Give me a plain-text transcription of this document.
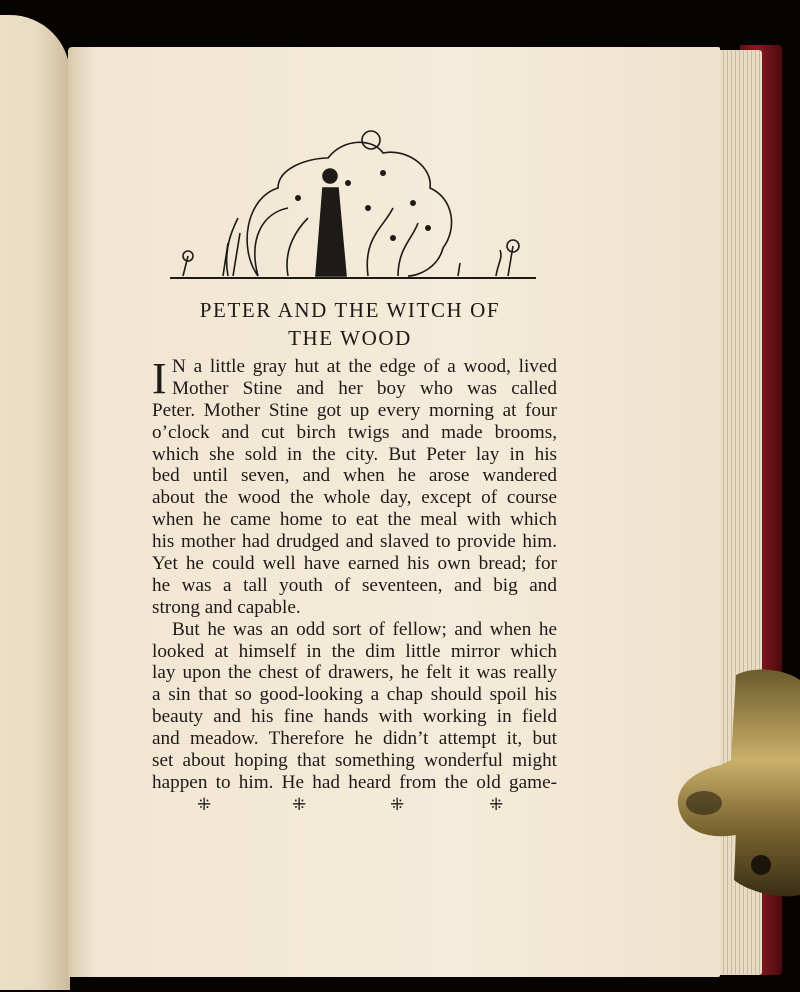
PETER AND THE WITCH OF
THE WOOD
I N a little gray hut at the edge of a wood, lived
Mother Stine and her boy who was called
Peter. Mother Stine got up every morning at four
o’clock and cut birch twigs and made brooms,
which she sold in the city. But Peter lay in his
bed until seven, and when he arose wandered
about the wood the whole day, except of course
when he came home to eat the meal with which
his mother had drudged and slaved to provide him.
Yet he could well have earned his own bread; for
he was a tall youth of seventeen, and big and
strong and capable.
But he was an odd sort of fellow; and when he
looked at himself in the dim little mirror which
lay upon the chest of drawers, he felt it was really
a sin that so good-looking a chap should spoil his
beauty and his fine hands with working in field
and meadow. Therefore he didn’t attempt it, but
set about hoping that something wonderful might
happen to him. He had heard from the old game-
⁜	⁜	⁜	⁜
